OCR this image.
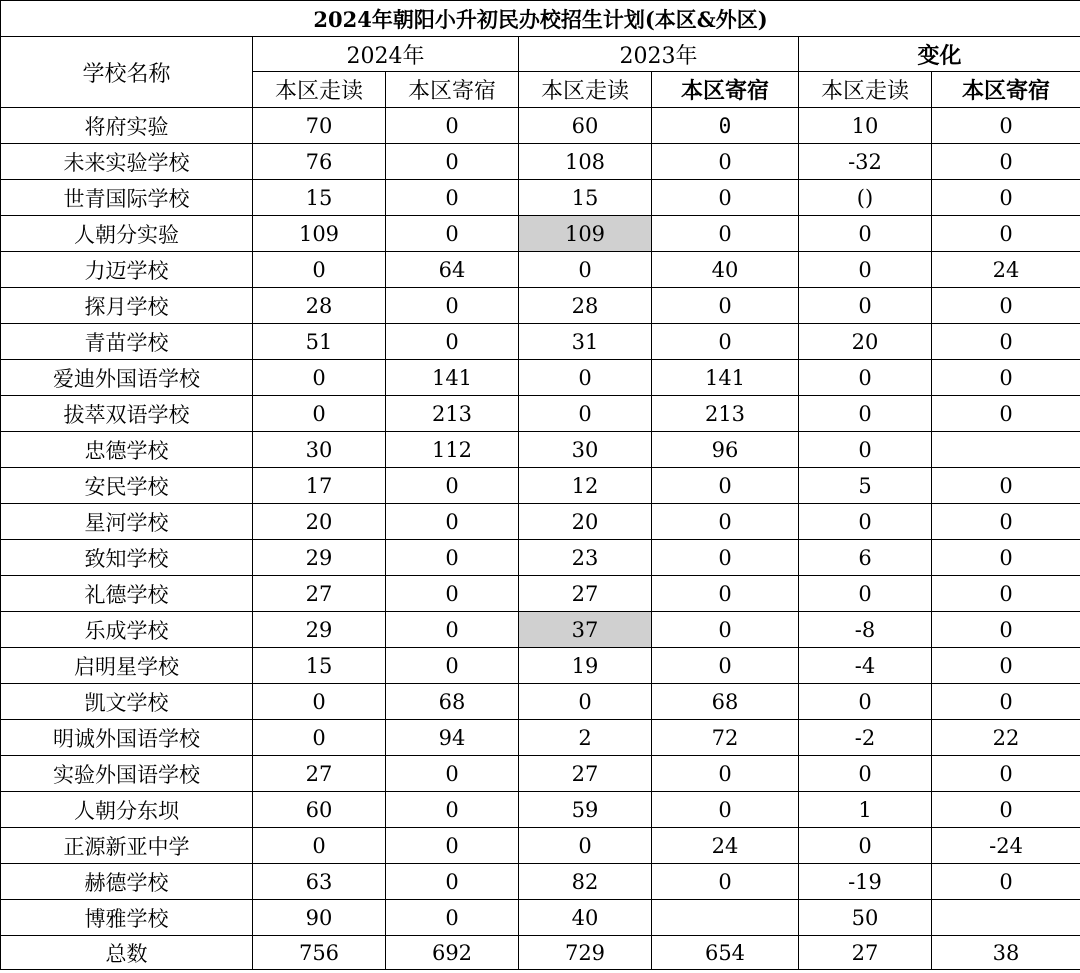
2024年朝阳小升初民办校招生计划(本区&外区)						
学校名称	2024年		2023年		变化	
	本区走读	本区寄宿	本区走读	本区寄宿	本区走读	本区寄宿
将府实验	70	0	60	0	10	0
未来实验学校	76	0	108	0	-32	0
世青国际学校	15	0	15	0	()	0
人朝分实验	109	0	109	0	0	0
力迈学校	0	64	0	40	0	24
探月学校	28	0	28	0	0	0
青苗学校	51	0	31	0	20	0
爱迪外国语学校	0	141	0	141	0	0
拔萃双语学校	0	213	0	213	0	0
忠德学校	30	112	30	96	0	
安民学校	17	0	12	0	5	0
星河学校	20	0	20	0	0	0
致知学校	29	0	23	0	6	0
礼德学校	27	0	27	0	0	0
乐成学校	29	0	37	0	-8	0
启明星学校	15	0	19	0	-4	0
凯文学校	0	68	0	68	0	0
明诚外国语学校	0	94	2	72	-2	22
实验外国语学校	27	0	27	0	0	0
人朝分东坝	60	0	59	0	1	0
正源新亚中学	0	0	0	24	0	-24
赫德学校	63	0	82	0	-19	0
博雅学校	90	0	40		50	
总数	756	692	729	654	27	38
